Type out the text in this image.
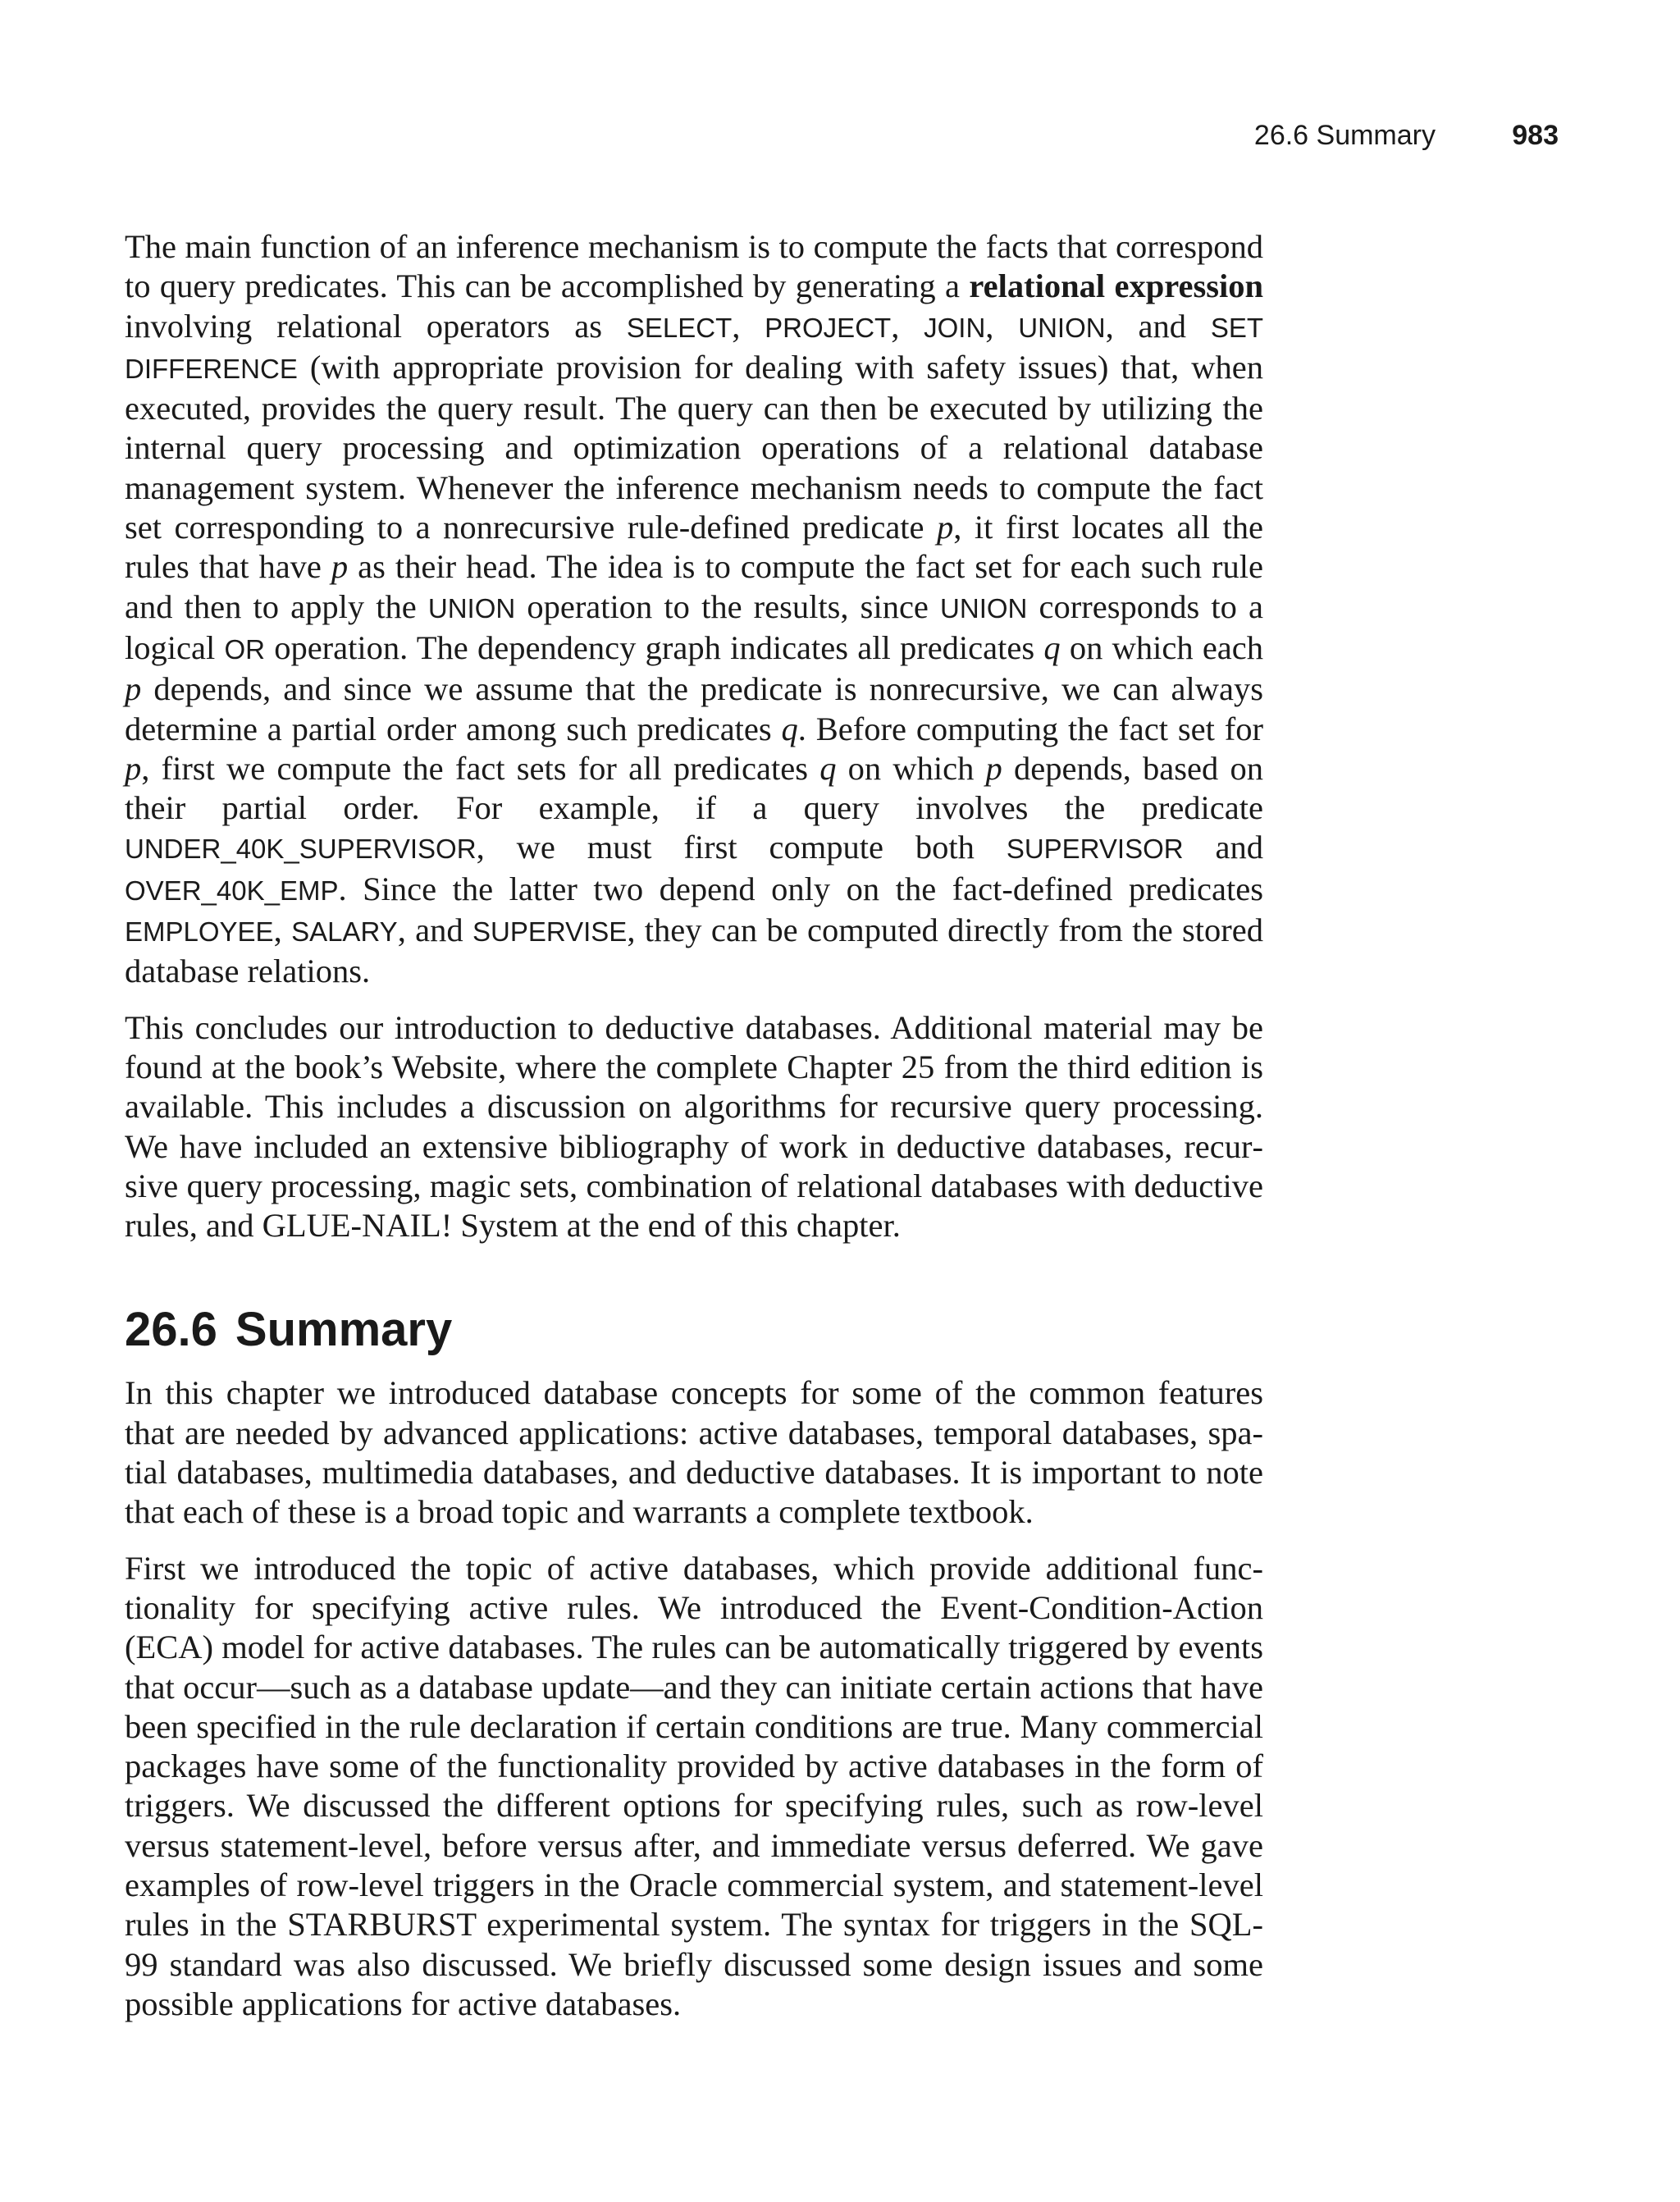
26.6 Summary	983

The main function of an inference mechanism is to compute the facts that correspond to query predicates. This can be accomplished by generating a relational expression involving relational operators as SELECT, PROJECT, JOIN, UNION, and SET DIFFERENCE (with appropriate provision for dealing with safety issues) that, when executed, provides the query result. The query can then be executed by utilizing the internal query processing and optimization operations of a relational database management system. Whenever the inference mechanism needs to compute the fact set corresponding to a nonrecursive rule-defined predicate p, it first locates all the rules that have p as their head. The idea is to compute the fact set for each such rule and then to apply the UNION operation to the results, since UNION corresponds to a logical OR operation. The dependency graph indicates all predicates q on which each p depends, and since we assume that the predicate is nonrecursive, we can always determine a partial order among such predicates q. Before computing the fact set for p, first we compute the fact sets for all predicates q on which p depends, based on their partial order. For example, if a query involves the predicate UNDER_40K_SUPERVISOR, we must first compute both SUPERVISOR and OVER_40K_EMP. Since the latter two depend only on the fact-defined predicates EMPLOYEE, SALARY, and SUPERVISE, they can be computed directly from the stored database relations.

This concludes our introduction to deductive databases. Additional material may be found at the book’s Website, where the complete Chapter 25 from the third edition is available. This includes a discussion on algorithms for recursive query processing. We have included an extensive bibliography of work in deductive databases, recursive query processing, magic sets, combination of relational databases with deductive rules, and GLUE-NAIL! System at the end of this chapter.

26.6 Summary

In this chapter we introduced database concepts for some of the common features that are needed by advanced applications: active databases, temporal databases, spatial databases, multimedia databases, and deductive databases. It is important to note that each of these is a broad topic and warrants a complete textbook.

First we introduced the topic of active databases, which provide additional functionality for specifying active rules. We introduced the Event-Condition-Action (ECA) model for active databases. The rules can be automatically triggered by events that occur—such as a database update—and they can initiate certain actions that have been specified in the rule declaration if certain conditions are true. Many commercial packages have some of the functionality provided by active databases in the form of triggers. We discussed the different options for specifying rules, such as row-level versus statement-level, before versus after, and immediate versus deferred. We gave examples of row-level triggers in the Oracle commercial system, and statement-level rules in the STARBURST experimental system. The syntax for triggers in the SQL-99 standard was also discussed. We briefly discussed some design issues and some possible applications for active databases.
